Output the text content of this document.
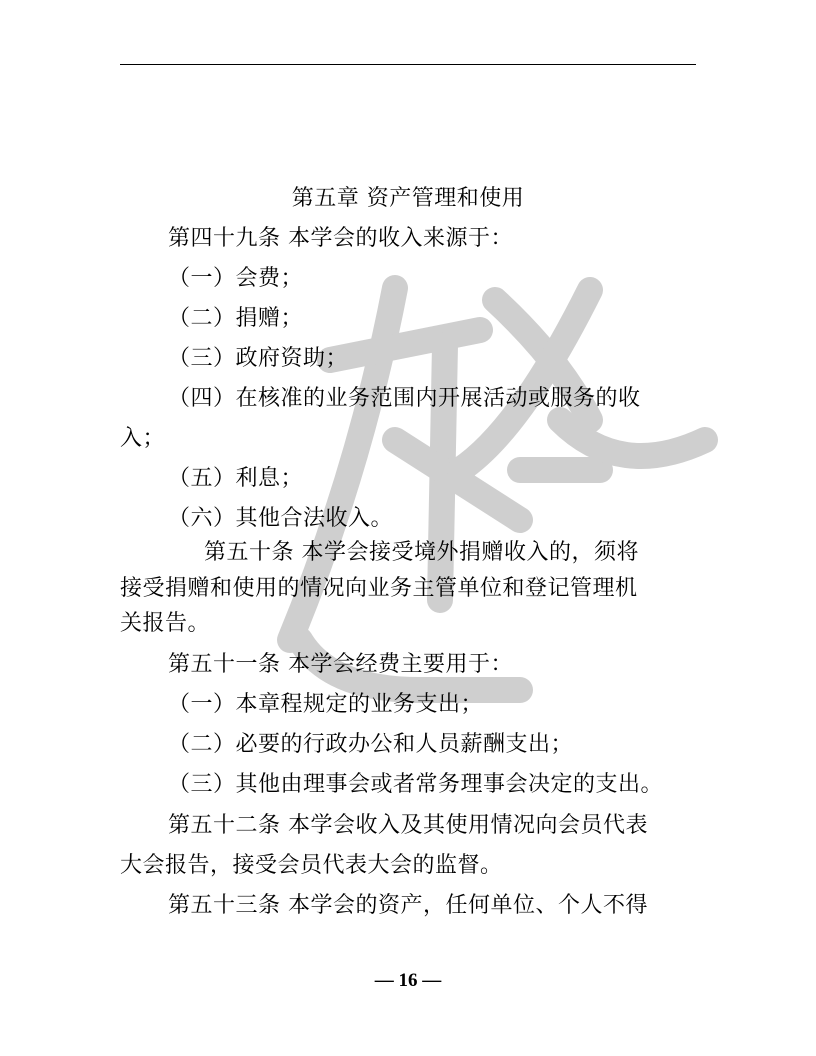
第五章 资产管理和使用
第四十九条 本学会的收入来源于：
（一）会费；
（二）捐赠；
（三）政府资助；
（四）在核准的业务范围内开展活动或服务的收
入；
（五）利息；
（六）其他合法收入。
第五十条 本学会接受境外捐赠收入的，须将
接受捐赠和使用的情况向业务主管单位和登记管理机
关报告。
第五十一条 本学会经费主要用于：
（一）本章程规定的业务支出；
（二）必要的行政办公和人员薪酬支出；
（三）其他由理事会或者常务理事会决定的支出。
第五十二条 本学会收入及其使用情况向会员代表
大会报告，接受会员代表大会的监督。
第五十三条 本学会的资产，任何单位、个人不得
— 16 —
